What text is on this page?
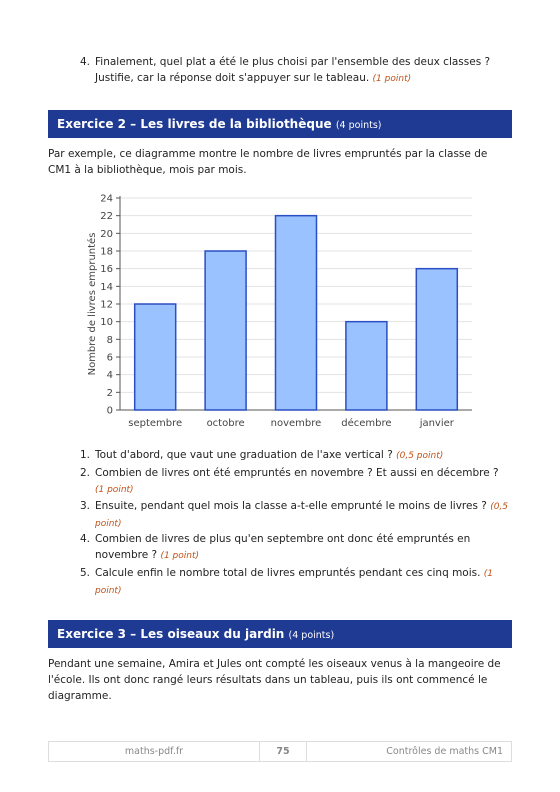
4. Finalement, quel plat a été le plus choisi par l'ensemble des deux classes ? Justifie, car la réponse doit s'appuyer sur le tableau. (1 point)
Exercice 2 – Les livres de la bibliothèque (4 points)
Par exemple, ce diagramme montre le nombre de livres empruntés par la classe de CM1 à la bibliothèque, mois par mois.
0
2
4
6
8
10
12
14
16
18
20
22
24
septembre octobre	novembre décembre	janvier
Nombre de livres empruntés
1. Tout d'abord, que vaut une graduation de l'axe vertical ? (0,5 point)
2. Combien de livres ont été empruntés en novembre ? Et aussi en décembre ? (1 point)
3. Ensuite, pendant quel mois la classe a-t-elle emprunté le moins de livres ? (0,5 point)
4. Combien de livres de plus qu'en septembre ont donc été empruntés en novembre ? (1 point)
5. Calcule enfin le nombre total de livres empruntés pendant ces cinq mois. (1 point)
Exercice 3 – Les oiseaux du jardin (4 points)
Pendant une semaine, Amira et Jules ont compté les oiseaux venus à la mangeoire de l'école. Ils ont donc rangé leurs résultats dans un tableau, puis ils ont commencé le diagramme.
maths-pdf.fr	75	Contrôles de maths CM1
